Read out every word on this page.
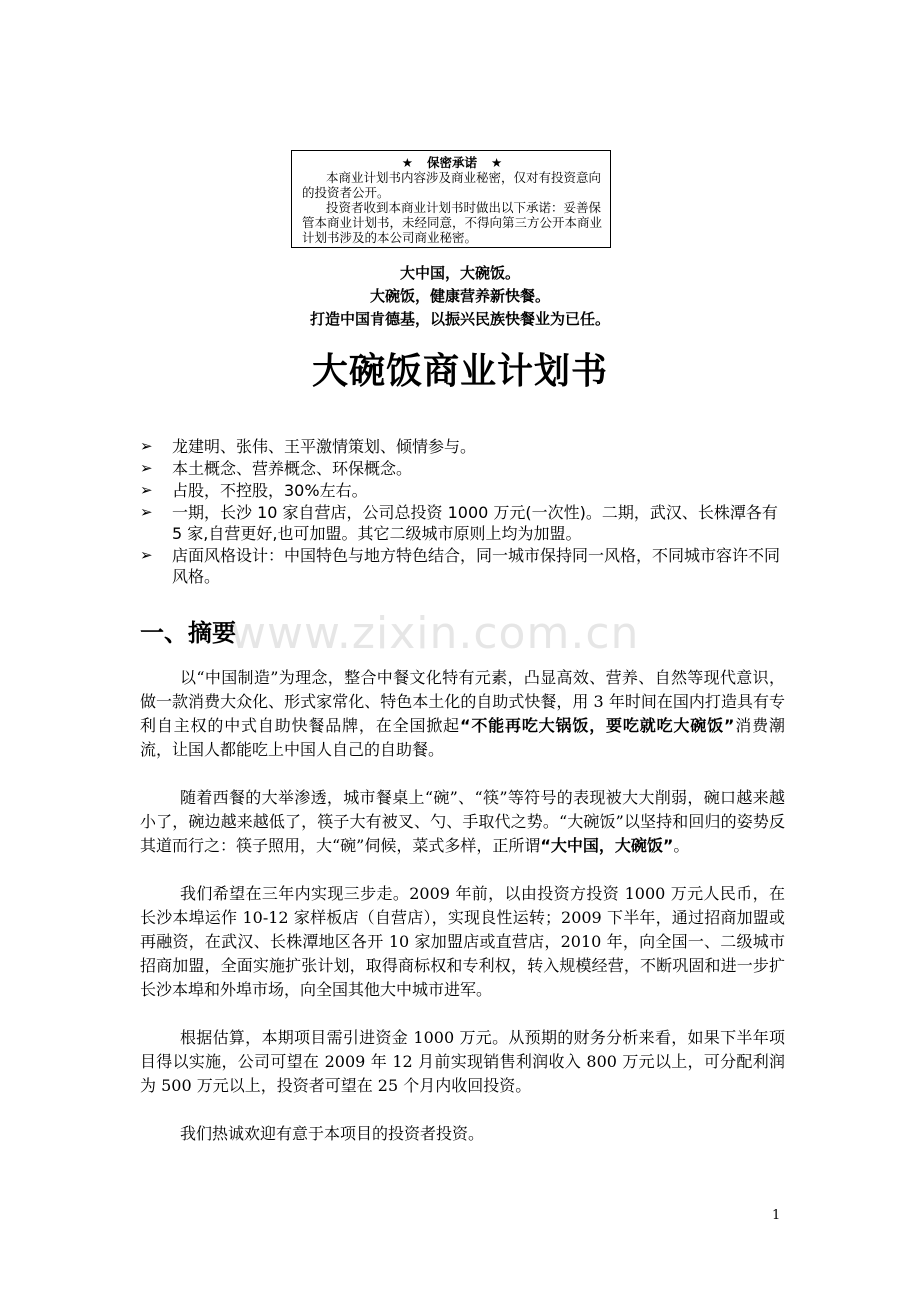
★ 保密承诺 ★

本商业计划书内容涉及商业秘密，仅对有投资意向的投资者公开。

投资者收到本商业计划书时做出以下承诺：妥善保管本商业计划书，未经同意，不得向第三方公开本商业计划书涉及的本公司商业秘密。

大中国，大碗饭。
大碗饭，健康营养新快餐。
打造中国肯德基，以振兴民族快餐业为已任。
大碗饭商业计划书
➢ 龙建明、张伟、王平激情策划、倾情参与。
➢ 本土概念、营养概念、环保概念。
➢ 占股，不控股，30%左右。
➢ 一期，长沙 10 家自营店，公司总投资 1000 万元(一次性)。二期，武汉、长株潭各有 5 家,自营更好,也可加盟。其它二级城市原则上均为加盟。
➢ 店面风格设计：中国特色与地方特色结合，同一城市保持同一风格，不同城市容许不同风格。
www.zixin.com.cn
一、摘要

以“中国制造”为理念，整合中餐文化特有元素，凸显高效、营养、自然等现代意识，做一款消费大众化、形式家常化、特色本土化的自助式快餐，用 3 年时间在国内打造具有专利自主权的中式自助快餐品牌，在全国掀起“不能再吃大锅饭，要吃就吃大碗饭”消费潮流，让国人都能吃上中国人自己的自助餐。

随着西餐的大举渗透，城市餐桌上“碗”、“筷”等符号的表现被大大削弱，碗口越来越小了，碗边越来越低了，筷子大有被叉、勺、手取代之势。“大碗饭”以坚持和回归的姿势反其道而行之：筷子照用，大“碗”伺候，菜式多样，正所谓“大中国，大碗饭”。

我们希望在三年内实现三步走。2009 年前，以由投资方投资 1000 万元人民币，在长沙本埠运作 10-12 家样板店（自营店），实现良性运转；2009 下半年，通过招商加盟或再融资，在武汉、长株潭地区各开 10 家加盟店或直营店，2010 年，向全国一、二级城市招商加盟，全面实施扩张计划，取得商标权和专利权，转入规模经营，不断巩固和进一步扩长沙本埠和外埠市场，向全国其他大中城市进军。

根据估算，本期项目需引进资金 1000 万元。从预期的财务分析来看，如果下半年项目得以实施，公司可望在 2009 年 12 月前实现销售利润收入 800 万元以上，可分配利润为 500 万元以上，投资者可望在 25 个月内收回投资。

我们热诚欢迎有意于本项目的投资者投资。

1
